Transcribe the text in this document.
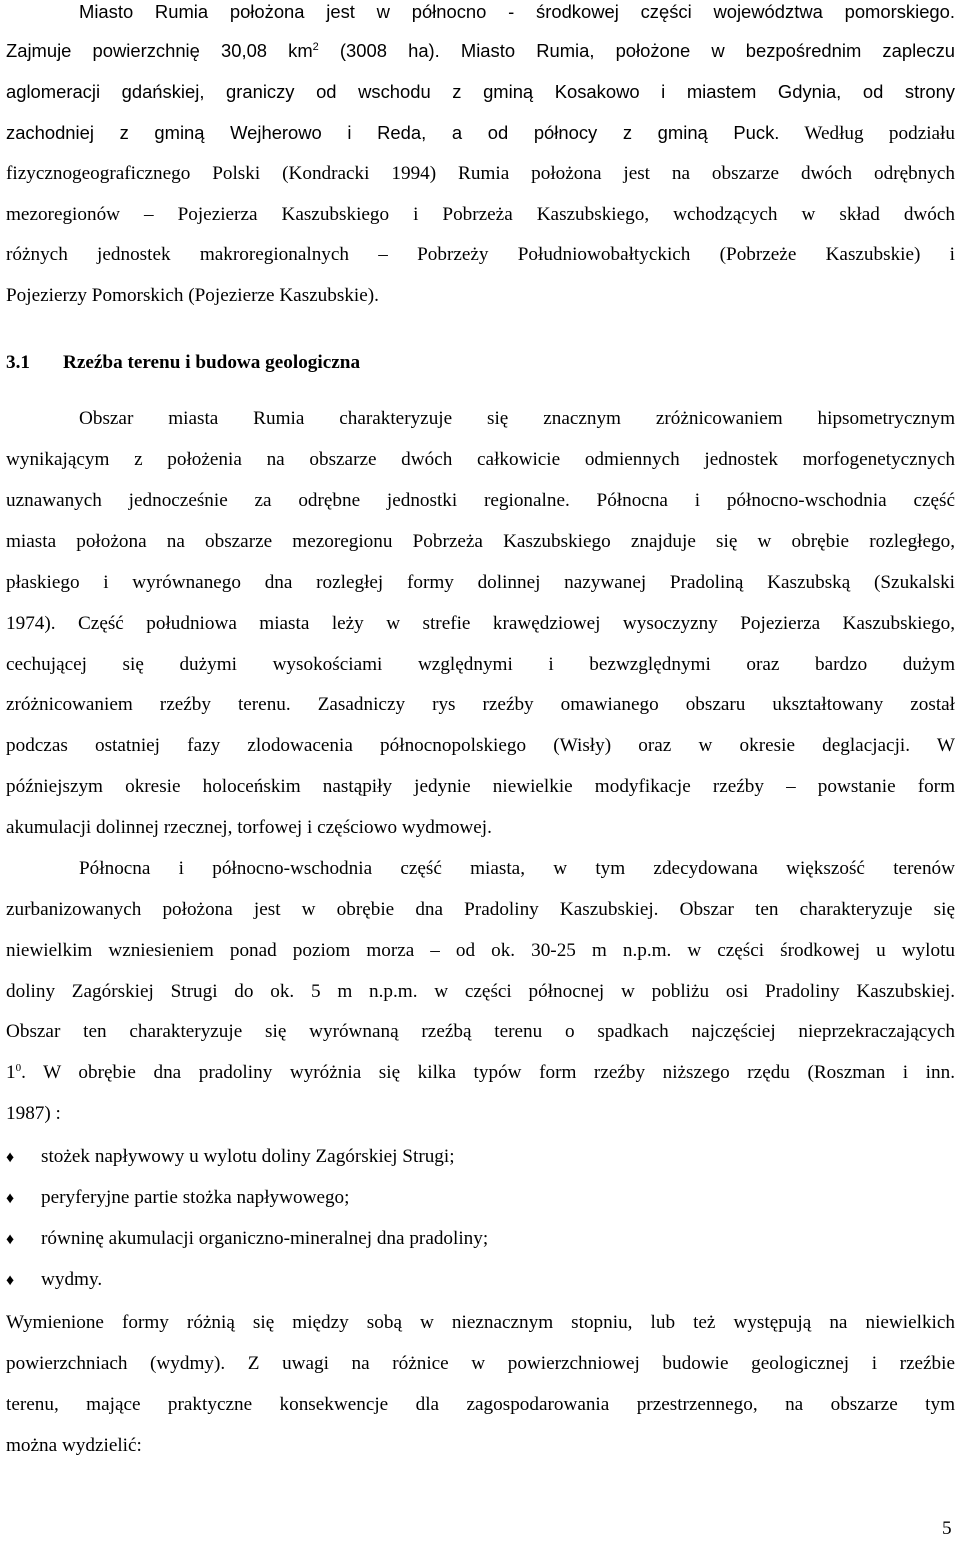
Miasto Rumia położona jest w północno - środkowej części województwa pomorskiego.
Zajmuje powierzchnię 30,08 $km^2$ (3008 ha). Miasto Rumia, położone w bezpośrednim zapleczu
aglomeracji gdańskiej, graniczy od wschodu z gminą Kosakowo i miastem Gdynia, od strony
zachodniej z gminą Wejherowo i Reda, a od północy z gminą Puck. Według podziału
fizycznogeograficznego Polski (Kondracki 1994) Rumia położona jest na obszarze dwóch odrębnych
mezoregionów – Pojezierza Kaszubskiego i Pobrzeża Kaszubskiego, wchodzących w skład dwóch
różnych jednostek makroregionalnych – Pobrzeży Południowobałtyckich (Pobrzeże Kaszubskie) i
Pojezierzy Pomorskich (Pojezierze Kaszubskie).
3.1 Rzeźba terenu i budowa geologiczna
Obszar miasta Rumia charakteryzuje się znacznym zróżnicowaniem hipsometrycznym
wynikającym z położenia na obszarze dwóch całkowicie odmiennych jednostek morfogenetycznych
uznawanych jednocześnie za odrębne jednostki regionalne. Północna i północno-wschodnia część
miasta położona na obszarze mezoregionu Pobrzeża Kaszubskiego znajduje się w obrębie rozległego,
płaskiego i wyrównanego dna rozległej formy dolinnej nazywanej Pradoliną Kaszubską (Szukalski
1974). Część południowa miasta leży w strefie krawędziowej wysoczyzny Pojezierza Kaszubskiego,
cechującej się dużymi wysokościami względnymi i bezwzględnymi oraz bardzo dużym
zróżnicowaniem rzeźby terenu. Zasadniczy rys rzeźby omawianego obszaru ukształtowany został
podczas ostatniej fazy zlodowacenia północnopolskiego (Wisły) oraz w okresie deglacjacji. W
późniejszym okresie holoceńskim nastąpiły jedynie niewielkie modyfikacje rzeźby – powstanie form
akumulacji dolinnej rzecznej, torfowej i częściowo wydmowej.
Północna i północno-wschodnia część miasta, w tym zdecydowana większość terenów
zurbanizowanych położona jest w obrębie dna Pradoliny Kaszubskiej. Obszar ten charakteryzuje się
niewielkim wzniesieniem ponad poziom morza – od ok. 30-25 m n.p.m. w części środkowej u wylotu
doliny Zagórskiej Strugi do ok. 5 m n.p.m. w części północnej w pobliżu osi Pradoliny Kaszubskiej.
Obszar ten charakteryzuje się wyrównaną rzeźbą terenu o spadkach najczęściej nieprzekraczających
$1^0$. W obrębie dna pradoliny wyróżnia się kilka typów form rzeźby niższego rzędu (Roszman i inn.
1987) :
♦ stożek napływowy u wylotu doliny Zagórskiej Strugi;
♦ peryferyjne partie stożka napływowego;
♦ równinę akumulacji organiczno-mineralnej dna pradoliny;
♦ wydmy.
Wymienione formy różnią się między sobą w nieznacznym stopniu, lub też występują na niewielkich
powierzchniach (wydmy). Z uwagi na różnice w powierzchniowej budowie geologicznej i rzeźbie
terenu, mające praktyczne konsekwencje dla zagospodarowania przestrzennego, na obszarze tym
można wydzielić:
5
